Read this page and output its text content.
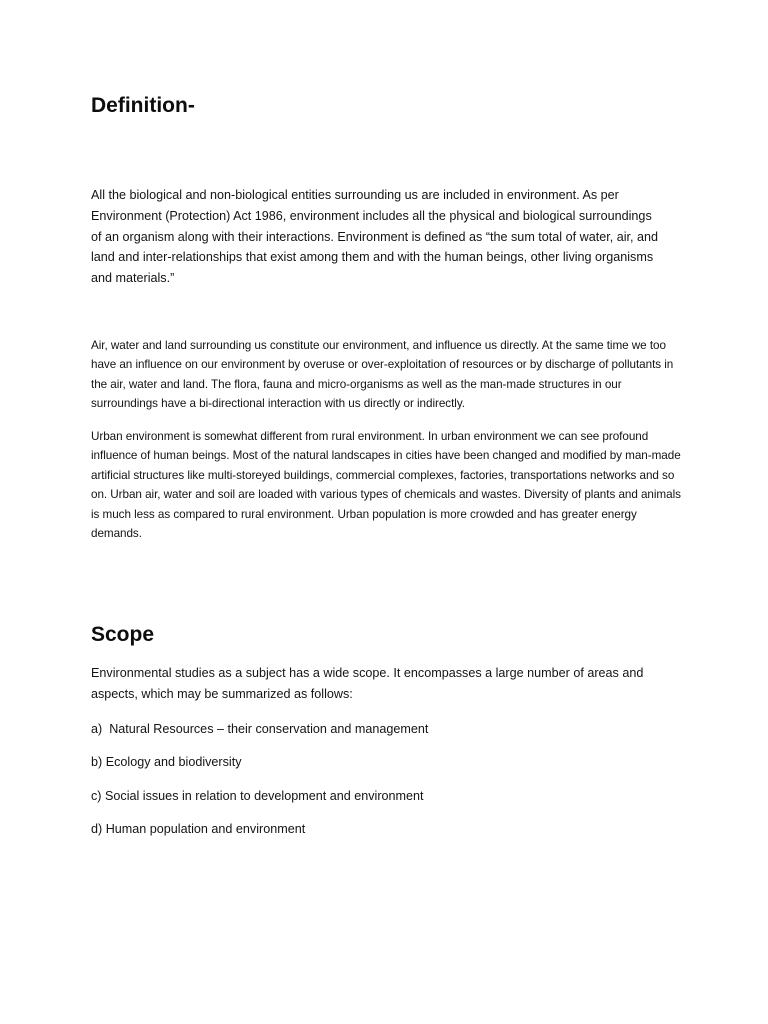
Definition-

All the biological and non-biological entities surrounding us are included in environment. As per Environment (Protection) Act 1986, environment includes all the physical and biological surroundings of an organism along with their interactions. Environment is defined as “the sum total of water, air, and land and inter-relationships that exist among them and with the human beings, other living organisms and materials.”

Air, water and land surrounding us constitute our environment, and influence us directly. At the same time we too have an influence on our environment by overuse or over-exploitation of resources or by discharge of pollutants in the air, water and land. The flora, fauna and micro-organisms as well as the man-made structures in our surroundings have a bi-directional interaction with us directly or indirectly.

Urban environment is somewhat different from rural environment. In urban environment we can see profound influence of human beings. Most of the natural landscapes in cities have been changed and modified by man-made artificial structures like multi-storeyed buildings, commercial complexes, factories, transportations networks and so on. Urban air, water and soil are loaded with various types of chemicals and wastes. Diversity of plants and animals is much less as compared to rural environment. Urban population is more crowded and has greater energy demands.

Scope

Environmental studies as a subject has a wide scope. It encompasses a large number of areas and aspects, which may be summarized as follows:

a)  Natural Resources – their conservation and management

b) Ecology and biodiversity

c) Social issues in relation to development and environment

d) Human population and environment
